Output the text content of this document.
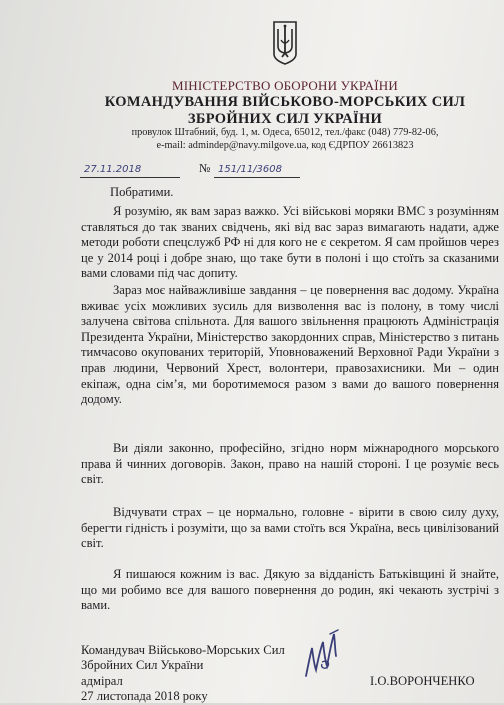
МІНІСТЕРСТВО ОБОРОНИ УКРАЇНИ
КОМАНДУВАННЯ ВІЙСЬКОВО-МОРСЬКИХ СИЛ
ЗБРОЙНИХ СИЛ УКРАЇНИ
провулок Штабний, буд. 1, м. Одеса, 65012, тел./факс (048) 779-82-06,
e-mail: admindep@navy.milgove.ua, код ЄДРПОУ 26613823
27.11.2018	№ 151/11/3608
Побратими.
Я розумію, як вам зараз важко. Усі військові моряки ВМС з розумінням ставляться до так званих свідчень, які від вас зараз вимагають надати, адже методи роботи спецслужб РФ ні для кого не є секретом. Я сам пройшов через це у 2014 році і добре знаю, що таке бути в полоні і що стоїть за сказаними вами словами під час допиту.
Зараз моє найважливіше завдання – це повернення вас додому. Україна вживає усіх можливих зусиль для визволення вас із полону, в тому числі залучена світова спільнота. Для вашого звільнення працюють Адміністрація Президента України, Міністерство закордонних справ, Міністерство з питань тимчасово окупованих територій, Уповноважений Верховної Ради України з прав людини, Червоний Хрест, волонтери, правозахисники. Ми – один екіпаж, одна сім’я, ми боротимемося разом з вами до вашого повернення додому.
Ви діяли законно, професійно, згідно норм міжнародного морського права й чинних договорів. Закон, право на нашій стороні. І це розуміє весь світ.
Відчувати страх – це нормально, головне - вірити в свою силу духу, берегти гідність і розуміти, що за вами стоїть вся Україна, весь цивілізований світ.
Я пишаюся кожним із вас. Дякую за відданість Батьківщині й знайте, що ми робимо все для вашого повернення до родин, які чекають зустрічі з вами.
Командувач Військово-Морських Сил
Збройних Сил України
адмірал
27 листопада 2018 року
І.О.ВОРОНЧЕНКО
